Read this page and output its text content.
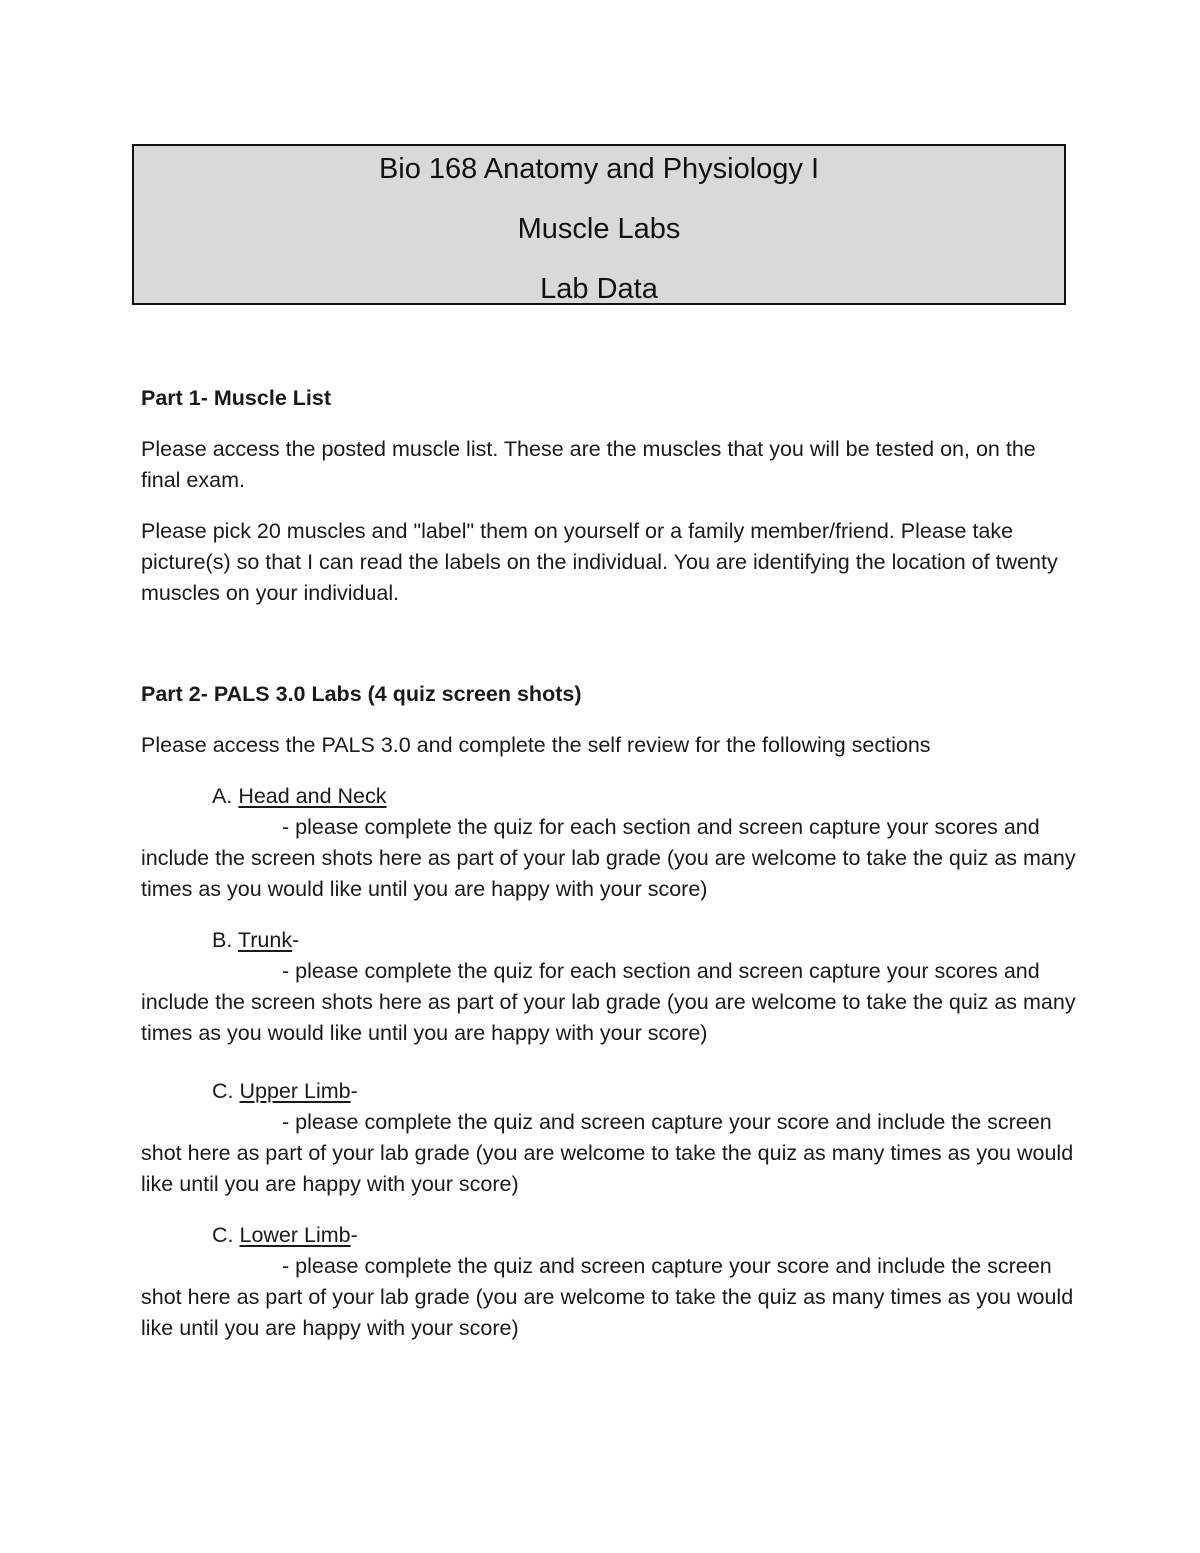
Bio 168 Anatomy and Physiology I
Muscle Labs
Lab Data

Part 1- Muscle List

Please access the posted muscle list. These are the muscles that you will be tested on, on the final exam.

Please pick 20 muscles and "label" them on yourself or a family member/friend. Please take picture(s) so that I can read the labels on the individual. You are identifying the location of twenty muscles on your individual.

Part 2- PALS 3.0 Labs (4 quiz screen shots)

Please access the PALS 3.0 and complete the self review for the following sections

A. Head and Neck

- please complete the quiz for each section and screen capture your scores and include the screen shots here as part of your lab grade (you are welcome to take the quiz as many times as you would like until you are happy with your score)

B. Trunk-

- please complete the quiz for each section and screen capture your scores and include the screen shots here as part of your lab grade (you are welcome to take the quiz as many times as you would like until you are happy with your score)

C. Upper Limb-

- please complete the quiz and screen capture your score and include the screen shot here as part of your lab grade (you are welcome to take the quiz as many times as you would like until you are happy with your score)

C. Lower Limb-

- please complete the quiz and screen capture your score and include the screen shot here as part of your lab grade (you are welcome to take the quiz as many times as you would like until you are happy with your score)
